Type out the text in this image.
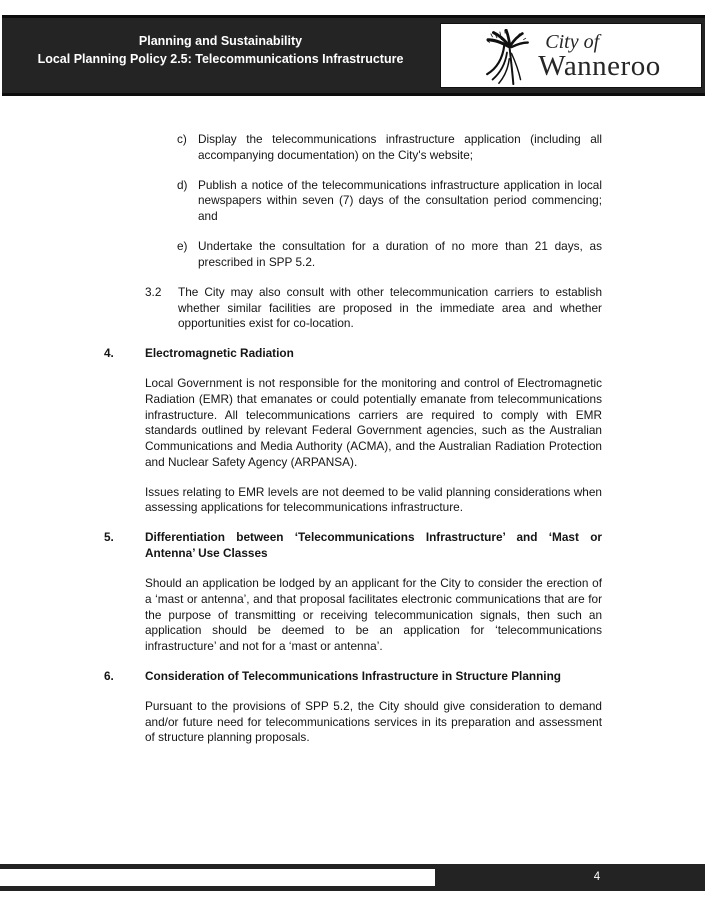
Planning and Sustainability
Local Planning Policy 2.5: Telecommunications Infrastructure
City of
Wanneroo
c) Display the telecommunications infrastructure application (including all accompanying documentation) on the City's website;

d) Publish a notice of the telecommunications infrastructure application in local newspapers within seven (7) days of the consultation period commencing; and

e) Undertake the consultation for a duration of no more than 21 days, as prescribed in SPP 5.2.

3.2	The City may also consult with other telecommunication carriers to establish whether similar facilities are proposed in the immediate area and whether opportunities exist for co-location.

4.	Electromagnetic Radiation

Local Government is not responsible for the monitoring and control of Electromagnetic Radiation (EMR) that emanates or could potentially emanate from telecommunications infrastructure. All telecommunications carriers are required to comply with EMR standards outlined by relevant Federal Government agencies, such as the Australian Communications and Media Authority (ACMA), and the Australian Radiation Protection and Nuclear Safety Agency (ARPANSA).

Issues relating to EMR levels are not deemed to be valid planning considerations when assessing applications for telecommunications infrastructure.

5.	Differentiation between ‘Telecommunications Infrastructure’ and ‘Mast or Antenna’ Use Classes

Should an application be lodged by an applicant for the City to consider the erection of a ‘mast or antenna’, and that proposal facilitates electronic communications that are for the purpose of transmitting or receiving telecommunication signals, then such an application should be deemed to be an application for ‘telecommunications infrastructure’ and not for a ‘mast or antenna’.

6.	Consideration of Telecommunications Infrastructure in Structure Planning

Pursuant to the provisions of SPP 5.2, the City should give consideration to demand and/or future need for telecommunications services in its preparation and assessment of structure planning proposals.

4
